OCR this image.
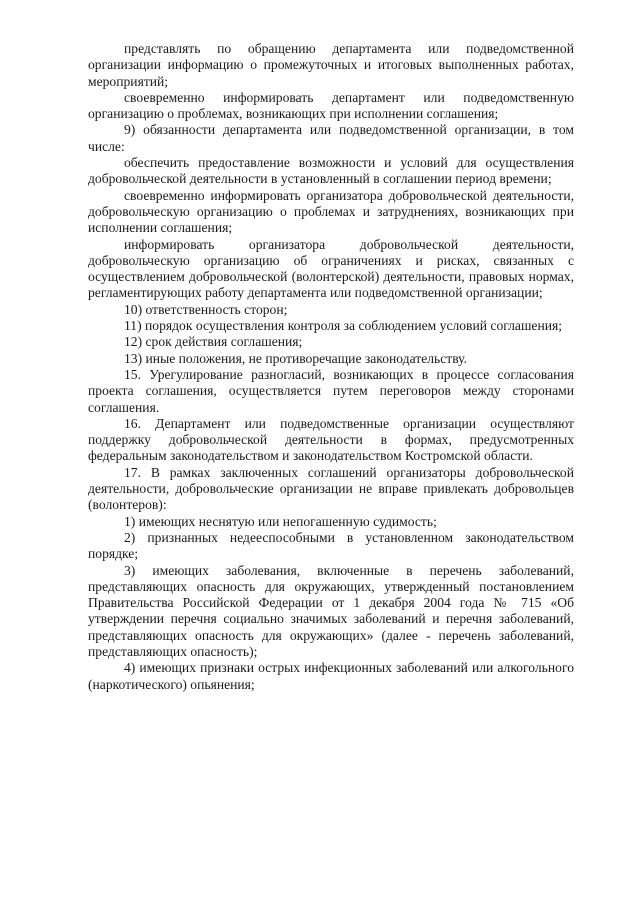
представлять по обращению департамента или подведомственной организации информацию о промежуточных и итоговых выполненных работах, мероприятий;

своевременно информировать департамент или подведомственную организацию о проблемах, возникающих при исполнении соглашения;

9) обязанности департамента или подведомственной организации, в том числе:

обеспечить предоставление возможности и условий для осуществления добровольческой деятельности в установленный в соглашении период времени;

своевременно информировать организатора добровольческой деятельности, добровольческую организацию о проблемах и затруднениях, возникающих при исполнении соглашения;

информировать организатора добровольческой деятельности, добровольческую организацию об ограничениях и рисках, связанных с осуществлением добровольческой (волонтерской) деятельности, правовых нормах, регламентирующих работу департамента или подведомственной организации;

10) ответственность сторон;

11) порядок осуществления контроля за соблюдением условий соглашения;

12) срок действия соглашения;

13) иные положения, не противоречащие законодательству.

15. Урегулирование разногласий, возникающих в процессе согласования проекта соглашения, осуществляется путем переговоров между сторонами соглашения.

16. Департамент или подведомственные организации осуществляют поддержку добровольческой деятельности в формах, предусмотренных федеральным законодательством и законодательством Костромской области.

17. В рамках заключенных соглашений организаторы добровольческой деятельности, добровольческие организации не вправе привлекать добровольцев (волонтеров):

1) имеющих неснятую или непогашенную судимость;

2) признанных недееспособными в установленном законодательством порядке;

3) имеющих заболевания, включенные в перечень заболеваний, представляющих опасность для окружающих, утвержденный постановлением Правительства Российской Федерации от 1 декабря 2004 года № 715 «Об утверждении перечня социально значимых заболеваний и перечня заболеваний, представляющих опасность для окружающих» (далее - перечень заболеваний, представляющих опасность);

4) имеющих признаки острых инфекционных заболеваний или алкогольного (наркотического) опьянения;
